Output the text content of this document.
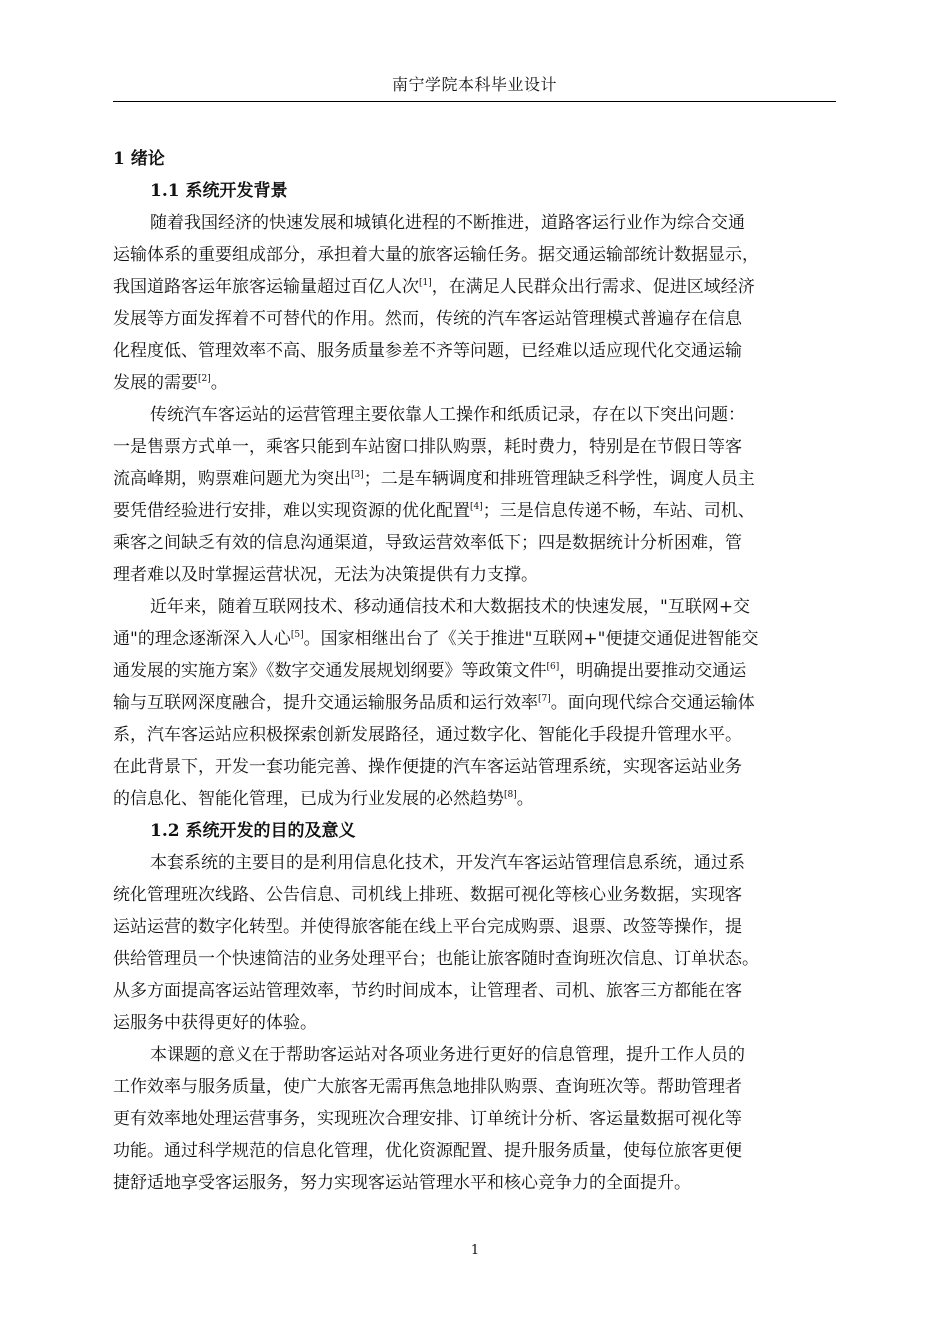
南宁学院本科毕业设计
1 绪论
1.1 系统开发背景
随着我国经济的快速发展和城镇化进程的不断推进，道路客运行业作为综合交通
运输体系的重要组成部分，承担着大量的旅客运输任务。据交通运输部统计数据显示，
我国道路客运年旅客运输量超过百亿人次[1]，在满足人民群众出行需求、促进区域经济
发展等方面发挥着不可替代的作用。然而，传统的汽车客运站管理模式普遍存在信息
化程度低、管理效率不高、服务质量参差不齐等问题，已经难以适应现代化交通运输
发展的需要[2]。
传统汽车客运站的运营管理主要依靠人工操作和纸质记录，存在以下突出问题：
一是售票方式单一，乘客只能到车站窗口排队购票，耗时费力，特别是在节假日等客
流高峰期，购票难问题尤为突出[3]；二是车辆调度和排班管理缺乏科学性，调度人员主
要凭借经验进行安排，难以实现资源的优化配置[4]；三是信息传递不畅，车站、司机、
乘客之间缺乏有效的信息沟通渠道，导致运营效率低下；四是数据统计分析困难，管
理者难以及时掌握运营状况，无法为决策提供有力支撑。
近年来，随着互联网技术、移动通信技术和大数据技术的快速发展，"互联网+交
通"的理念逐渐深入人心[5]。国家相继出台了《关于推进"互联网+"便捷交通促进智能交
通发展的实施方案》《数字交通发展规划纲要》等政策文件[6]，明确提出要推动交通运
输与互联网深度融合，提升交通运输服务品质和运行效率[7]。面向现代综合交通运输体
系，汽车客运站应积极探索创新发展路径，通过数字化、智能化手段提升管理水平。
在此背景下，开发一套功能完善、操作便捷的汽车客运站管理系统，实现客运站业务
的信息化、智能化管理，已成为行业发展的必然趋势[8]。
1.2 系统开发的目的及意义
本套系统的主要目的是利用信息化技术，开发汽车客运站管理信息系统，通过系
统化管理班次线路、公告信息、司机线上排班、数据可视化等核心业务数据，实现客
运站运营的数字化转型。并使得旅客能在线上平台完成购票、退票、改签等操作，提
供给管理员一个快速简洁的业务处理平台；也能让旅客随时查询班次信息、订单状态。
从多方面提高客运站管理效率，节约时间成本，让管理者、司机、旅客三方都能在客
运服务中获得更好的体验。
本课题的意义在于帮助客运站对各项业务进行更好的信息管理，提升工作人员的
工作效率与服务质量，使广大旅客无需再焦急地排队购票、查询班次等。帮助管理者
更有效率地处理运营事务，实现班次合理安排、订单统计分析、客运量数据可视化等
功能。通过科学规范的信息化管理，优化资源配置、提升服务质量，使每位旅客更便
捷舒适地享受客运服务，努力实现客运站管理水平和核心竞争力的全面提升。
1
